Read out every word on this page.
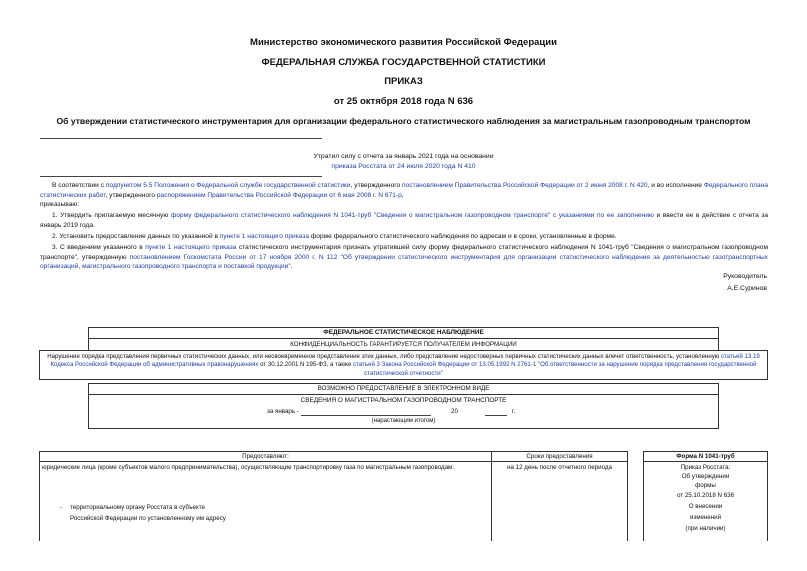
Министерство экономического развития Российской Федерации
ФЕДЕРАЛЬНАЯ СЛУЖБА ГОСУДАРСТВЕННОЙ СТАТИСТИКИ
ПРИКАЗ
от 25 октября 2018 года N 636
Об утверждении статистического инструментария для организации федерального статистического наблюдения за магистральным газопроводным транспортом
Утратил силу с отчета за январь 2021 года на основании
приказа Росстата от 24 июля 2020 года N 410
В соответствии с подпунктом 5.5 Положения о Федеральной службе государственной статистики, утвержденного постановлением Правительства Российской Федерации от 2 июня 2008 г. N 420, и во исполнение Федерального плана статистических работ, утвержденного распоряжением Правительства Российской Федерации от 6 мая 2008 г. N 671-р,
приказываю:
1. Утвердить прилагаемую месячную форму федерального статистического наблюдения N 1041-труб "Сведения о магистральном газопроводном транспорте" с указаниями по ее заполнению и ввести ее в действие с отчета за январь 2019 года.
2. Установить предоставление данных по указанной в пункте 1 настоящего приказа форме федерального статистического наблюдения по адресам и в сроки, установленные в форме.
3. С введением указанного в пункте 1 настоящего приказа статистического инструментария признать утратившей силу форму федерального статистического наблюдения N 1041-труб "Сведения о магистральном газопроводном транспорте", утвержденную постановлением Госкомстата России от 17 ноября 2000 г. N 112 "Об утверждении статистического инструментария для организации статистического наблюдения за деятельностью газотранспортных организаций, магистрального газопроводного транспорта и поставкой продукции".
Руководитель
А.Е.Суринов
ФЕДЕРАЛЬНОЕ СТАТИСТИЧЕСКОЕ НАБЛЮДЕНИЕ
КОНФИДЕНЦИАЛЬНОСТЬ ГАРАНТИРУЕТСЯ ПОЛУЧАТЕЛЕМ ИНФОРМАЦИИ
Нарушение порядка представления первичных статистических данных, или несвоевременное представление этих данных, либо представление недостоверных первичных статистических данных влечет ответственность, установленную статьей 13.19 Кодекса Российской Федерации об административных правонарушениях от 30.12.2001 N 195-ФЗ, а также статьей 3 Закона Российской Федерации от 13.05.1992 N 2761-1 "Об ответственности за нарушение порядка представления государственной статистической отчетности"
ВОЗМОЖНО ПРЕДОСТАВЛЕНИЕ В ЭЛЕКТРОННОМ ВИДЕ
СВЕДЕНИЯ О МАГИСТРАЛЬНОМ ГАЗОПРОВОДНОМ ТРАНСПОРТЕ
за январь -	20	г.
(нарастающим итогом)
Предоставляют:	Сроки предоставления	Форма N 1041-труб
юридические лица (кроме субъектов малого предпринимательства), осуществляющие транспортировку газа по магистральным газопроводам:
- территориальному органу Росстата в субъекте
Российской Федерации по установленному им адресу
на 12 день после отчетного периода	Приказ Росстата:
Об утверждении
формы
от 25.10.2018 N 636
О внесении
изменений
(при наличии)
